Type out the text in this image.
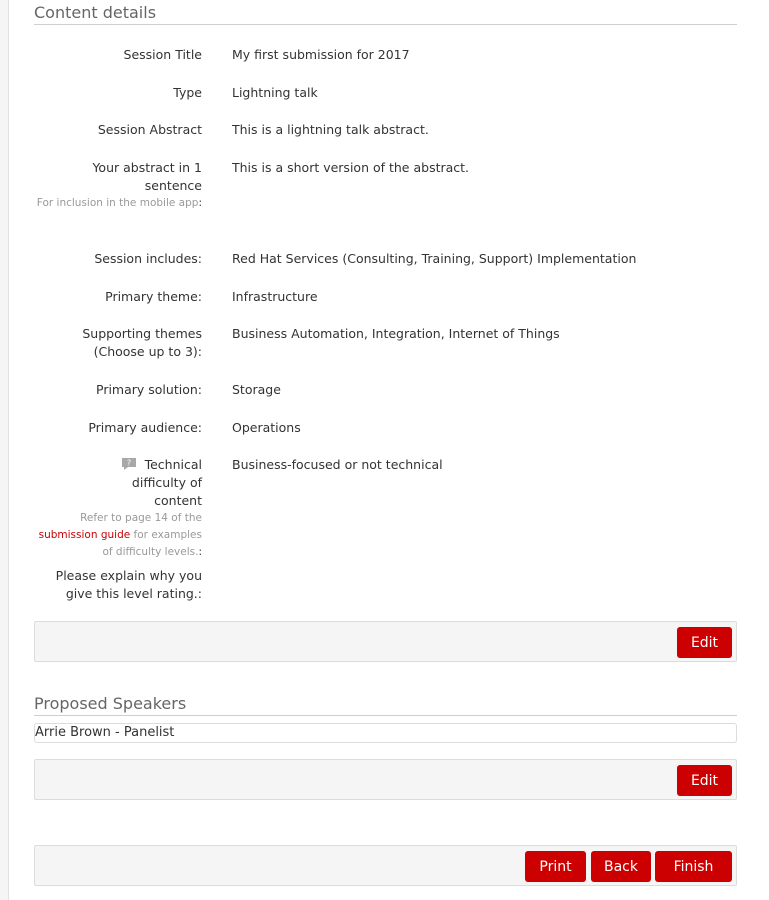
Content details
Session Title My first submission for 2017
Type Lightning talk
Session Abstract This is a lightning talk abstract.
Your abstract in 1 sentence
For inclusion in the mobile app:
This is a short version of the abstract.
Session includes: Red Hat Services (Consulting, Training, Support) Implementation
Primary theme: Infrastructure
Supporting themes (Choose up to 3):
Business Automation, Integration, Internet of Things
Primary solution: Storage
Primary audience: Operations
? Technical difficulty of content
Refer to page 14 of the submission guide for examples of difficulty levels.:
Business-focused or not technical
Please explain why you give this level rating.:
Edit
Proposed Speakers
Arrie Brown - Panelist
Edit
Print	Back	Finish
